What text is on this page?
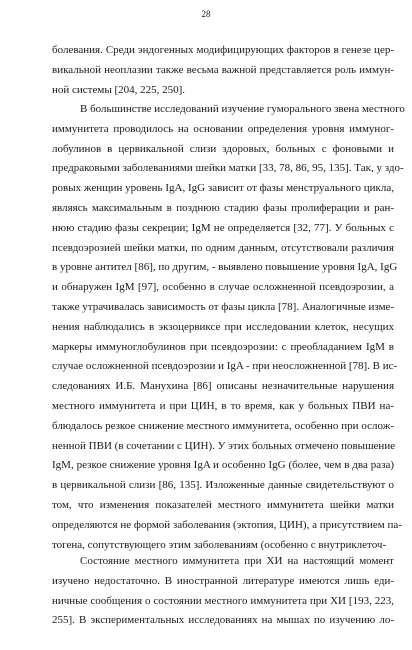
28
болевания. Среди эндогенных модифицирующих факторов в генезе цер-
викальной неоплазии также весьма важной представляется роль иммун-
ной системы [204, 225, 250].
В большинстве исследований изучение гуморального звена местного
иммунитета проводилось на основании определения уровня иммуног-
лобулинов в цервикальной слизи здоровых, больных с фоновыми и
предраковыми заболеваниями шейки матки [33, 78, 86, 95, 135]. Так, у здо-
ровых женщин уровень IgA, IgG зависит от фазы менструального цикла,
являясь максимальным в позднюю стадию фазы пролиферации и ран-
нюю стадию фазы секреции; IgM не определяется [32, 77]. У больных с
псевдоэрозией шейки матки, по одним данным, отсутствовали различия
в уровне антител [86], по другим, - выявлено повышение уровня IgA, IgG
и обнаружен IgM [97], особенно в случае осложненной псевдоэрозии, а
также утрачивалась зависимость от фазы цикла [78]. Аналогичные изме-
нения наблюдались в экзоцервиксе при исследовании клеток, несущих
маркеры иммуноглобулинов при псевдоэрозии: с преобладанием IgM в
случае осложненной псевдоэрозии и IgA - при неосложненной [78]. В ис-
следованиях И.Б. Манухина [86] описаны незначительные нарушения
местного иммунитета и при ЦИН, в то время, как у больных ПВИ на-
блюдалось резкое снижение местного иммунитета, особенно при ослож-
ненной ПВИ (в сочетании с ЦИН). У этих больных отмечено повышение
IgM, резкое снижение уровня IgA и особенно IgG (более, чем в два раза)
в цервикальной слизи [86, 135]. Изложенные данные свидетельствуют о
том, что изменения показателей местного иммунитета шейки матки
определяются не формой заболевания (эктопия, ЦИН), а присутствием па-
тогена, сопутствующего этим заболеваниям (особенно с внутриклеточ-
Состояние местного иммунитета при ХИ на настоящий момент
изучено недостаточно. В иностранной литературе имеются лишь еди-
ничные сообщения о состоянии местного иммунитета при ХИ [193, 223,
255]. В экспериментальных исследованиях на мышах по изучению ло-
